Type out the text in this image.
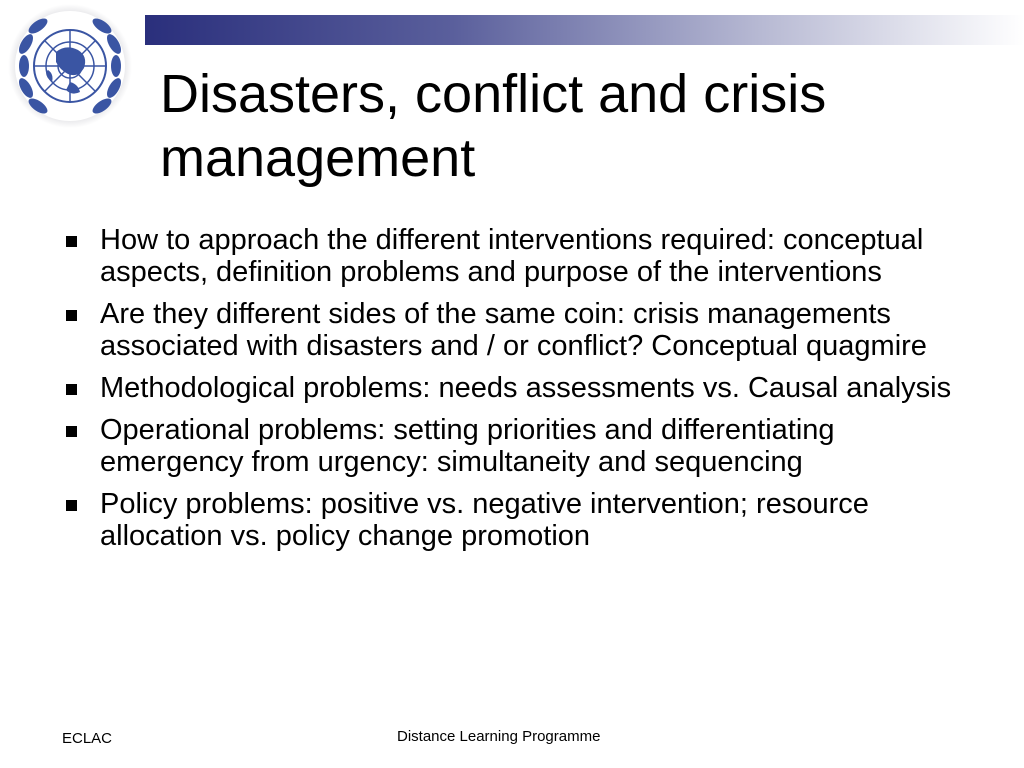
Disasters, conflict and crisis management
How to approach the different interventions required: conceptual aspects, definition problems and purpose of the interventions
Are they different sides of the same coin: crisis managements associated with disasters and / or conflict? Conceptual quagmire
Methodological problems: needs assessments vs. Causal analysis
Operational problems: setting priorities and differentiating emergency from urgency: simultaneity and sequencing
Policy problems: positive vs. negative intervention; resource allocation vs. policy change promotion
ECLAC	Distance Learning Programme
